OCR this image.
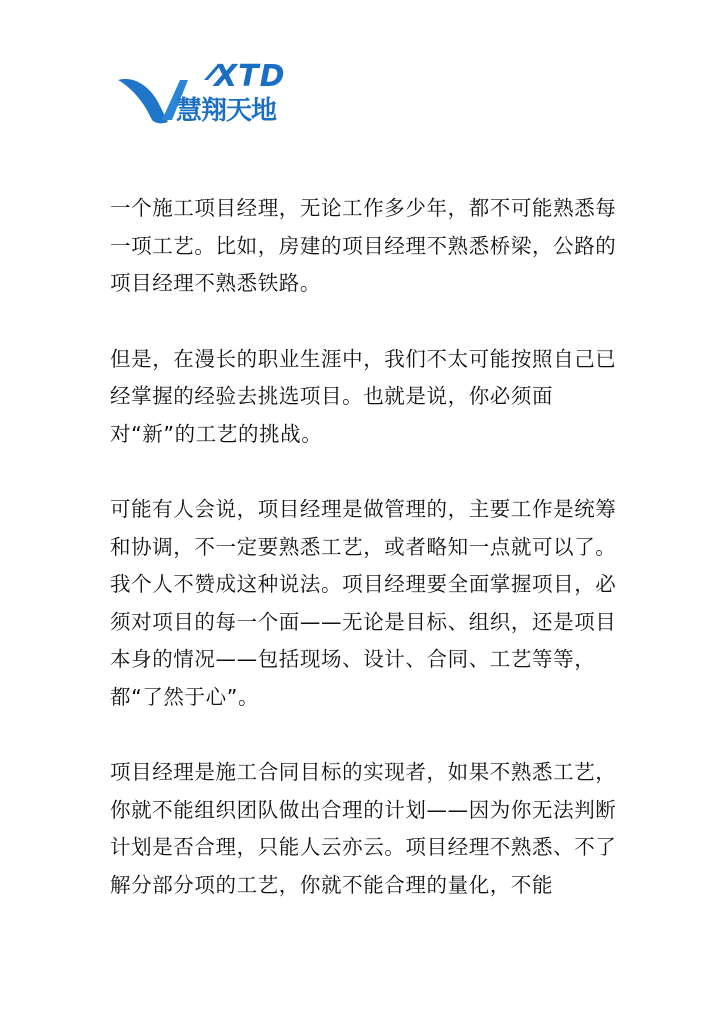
XTD
慧翔天地

一个施工项目经理，无论工作多少年，都不可能熟悉每一项工艺。比如，房建的项目经理不熟悉桥梁，公路的项目经理不熟悉铁路。

但是，在漫长的职业生涯中，我们不太可能按照自己已经掌握的经验去挑选项目。也就是说，你必须面对“新”的工艺的挑战。

可能有人会说，项目经理是做管理的，主要工作是统筹和协调，不一定要熟悉工艺，或者略知一点就可以了。我个人不赞成这种说法。项目经理要全面掌握项目，必须对项目的每一个面——无论是目标、组织，还是项目本身的情况——包括现场、设计、合同、工艺等等，都“了然于心”。

项目经理是施工合同目标的实现者，如果不熟悉工艺，你就不能组织团队做出合理的计划——因为你无法判断计划是否合理，只能人云亦云。项目经理不熟悉、不了解分部分项的工艺，你就不能合理的量化，不能
